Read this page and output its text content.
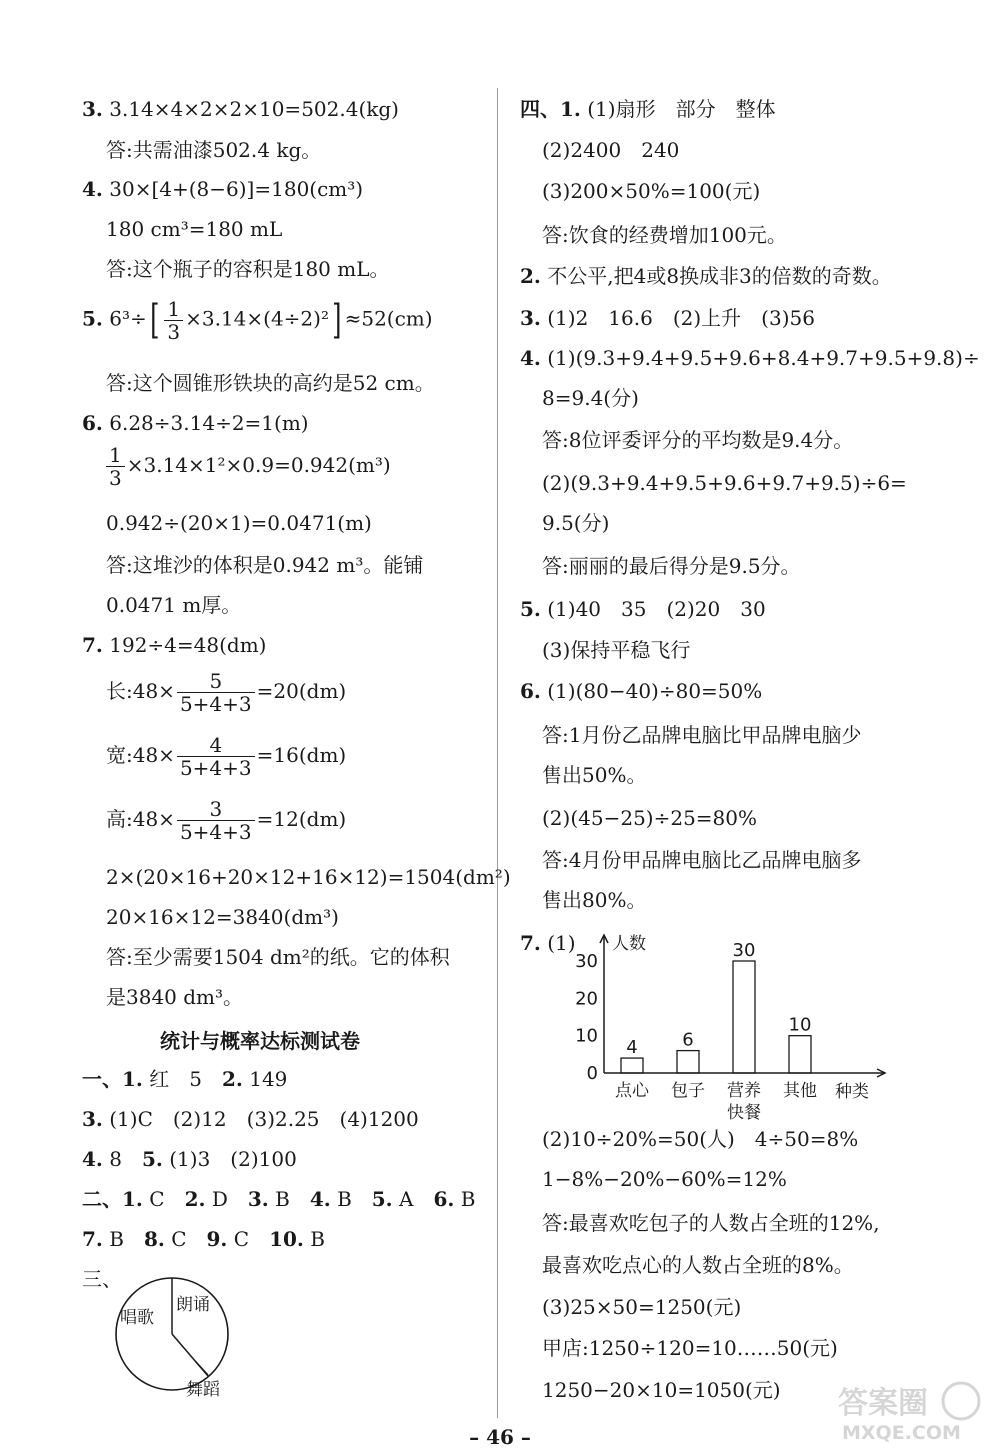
3. 3.14×4×2×2×10=502.4(kg)
答:共需油漆502.4 kg。
4. 30×[4+(8−6)]=180(cm³)
180 cm³=180 mL
答:这个瓶子的容积是180 mL。
5. $6^3\div[ \frac{1}{3} \times 3.14\times(4\div 2)^2] \approx 52(cm)$
答:这个圆锥形铁块的高约是52 cm。
6. 6.28÷3.14÷2=1(m)
$\frac{1}{3} \times 3.14\times 1^2\times 0.9=0.942(m^3)$
0.942÷(20×1)=0.0471(m)
答:这堆沙的体积是0.942 m³。能铺
0.0471 m厚。
7. 192÷4=48(dm)
长:48× $\frac{5}{5+4+3} =20(dm)$
宽:48× $\frac{4}{5+4+3} =16(dm)$
高:48× $\frac{3}{5+4+3} =12(dm)$
2×(20×16+20×12+16×12)=1504(dm²)
20×16×12=3840(dm³)
答:至少需要1504 dm²的纸。它的体积
是3840 dm³。
统计与概率达标测试卷
一、1. 红　5　 2. 149
3. (1)C　(2)12　(3)2.25　(4)1200
4. 8　 5. (1)3　(2)100
二、1. C　 2. D　 3. B　 4. B　 5. A　 6. B
7. B　 8. C　 9. C　 10. B
三、
唱歌
朗诵
舞蹈
四、1. (1)扇形　部分　整体
(2)2400　240
(3)200×50%=100(元)
答:饮食的经费增加100元。
2. 不公平,把4或8换成非3的倍数的奇数。
3. (1)2　16.6　(2)上升　(3)56
4. (1)(9.3+9.4+9.5+9.6+8.4+9.7+9.5+9.8)÷
8=9.4(分)
答:8位评委评分的平均数是9.4分。
(2)(9.3+9.4+9.5+9.6+9.7+9.5)÷6=
9.5(分)
答:丽丽的最后得分是9.5分。
5. (1)40　35　(2)20　30
(3)保持平稳飞行
6. (1)(80−40)÷80=50%
答:1月份乙品牌电脑比甲品牌电脑少
售出50%。
(2)(45−25)÷25=80%
答:4月份甲品牌电脑比乙品牌电脑多
售出80%。
7. (1) 人数
种类
0
10
20
30
4
点心
6
包子
30
营养
快餐
10
其他
(2)10÷20%=50(人)　4÷50=8%
1−8%−20%−60%=12%
答:最喜欢吃包子的人数占全班的12%,
最喜欢吃点心的人数占全班的8%。
(3)25×50=1250(元)
甲店:1250÷120=10……50(元)
1250−20×10=1050(元)
– 46 –
答案圈
MXQE.COM
